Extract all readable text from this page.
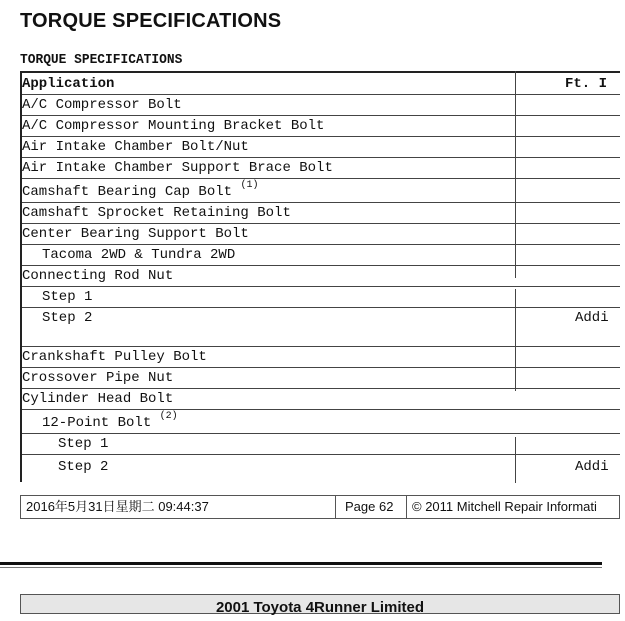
TORQUE SPECIFICATIONS
TORQUE SPECIFICATIONS
Application	Ft. I
A/C Compressor Bolt
A/C Compressor Mounting Bracket Bolt
Air Intake Chamber Bolt/Nut
Air Intake Chamber Support Brace Bolt
Camshaft Bearing Cap Bolt $^{(1)}$
Camshaft Sprocket Retaining Bolt
Center Bearing Support Bolt
Tacoma 2WD & Tundra 2WD
Connecting Rod Nut
Step 1
Step 2	Addi
Crankshaft Pulley Bolt
Crossover Pipe Nut
Cylinder Head Bolt
12-Point Bolt $^{(2)}$
Step 1
Step 2	Addi
2016年5月31日星期二 09:44:37	Page 62 © 2011 Mitchell Repair Informati
2001 Toyota 4Runner Limited
